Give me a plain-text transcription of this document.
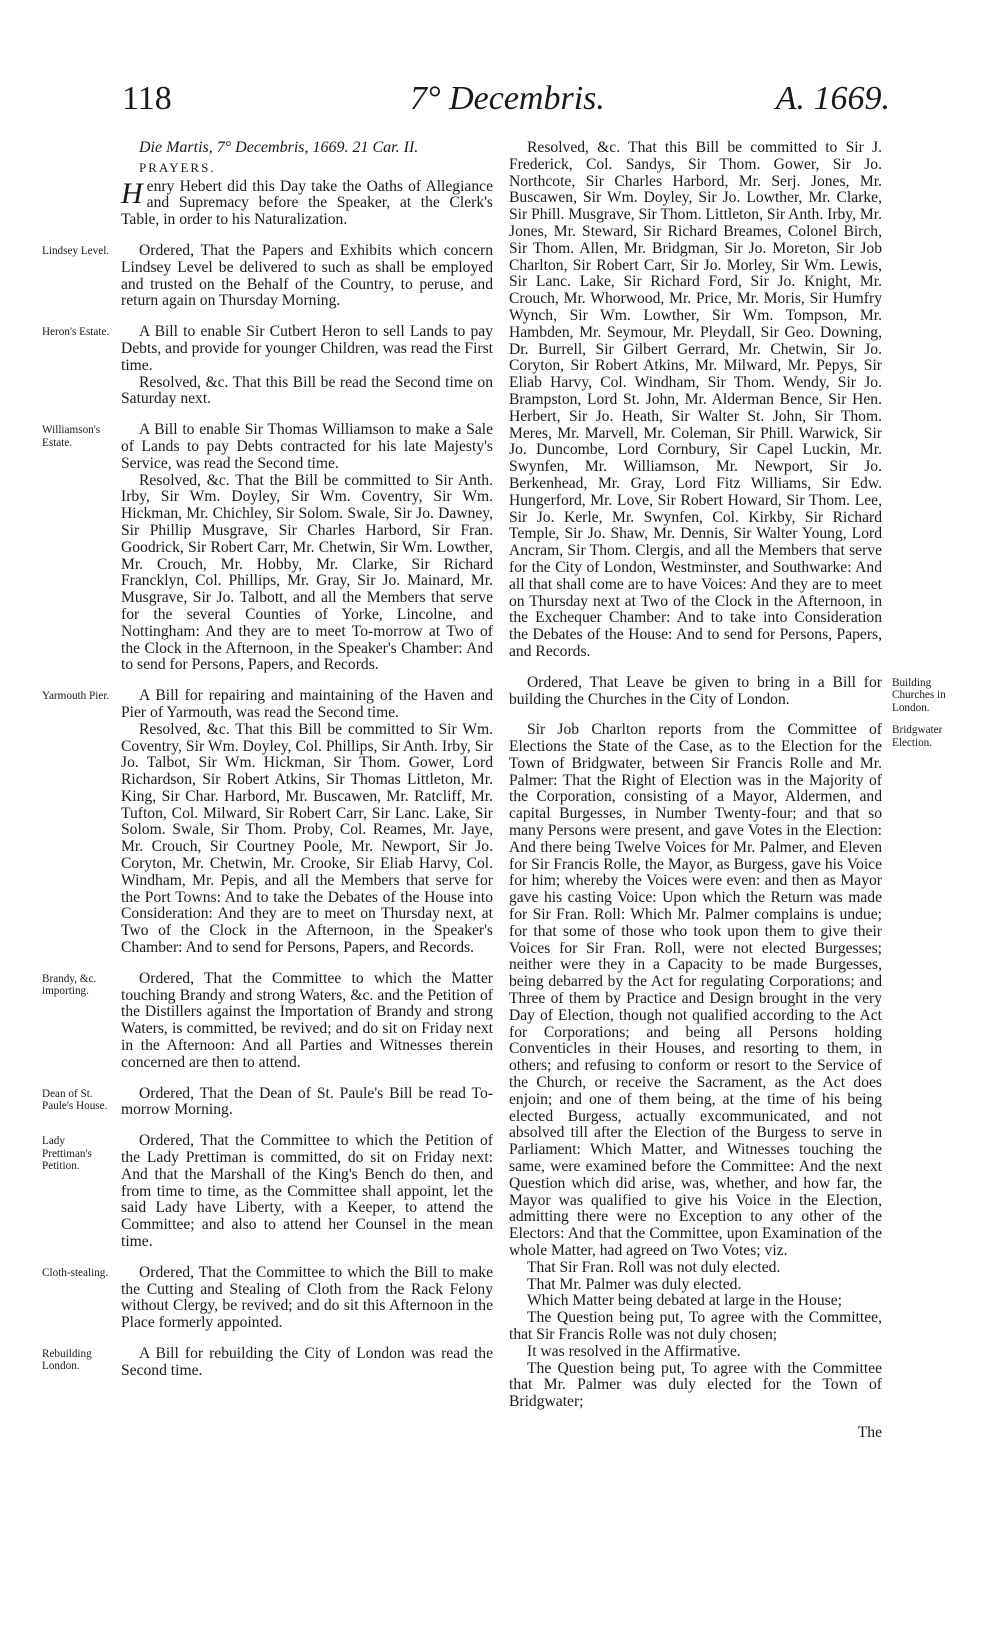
118	7° Decembris.	A. 1669.

Die Martis, 7° Decembris, 1669. 21 Car. II.

PRAYERS.

Henry Hebert did this Day take the Oaths of Allegiance and Supremacy before the Speaker, at the Clerk's Table, in order to his Naturalization.

Lindsey Level.	Ordered, That the Papers and Exhibits which concern Lindsey Level be delivered to such as shall be employed and trusted on the Behalf of the Country, to peruse, and return again on Thursday Morning.

Heron's Estate.	A Bill to enable Sir Cutbert Heron to sell Lands to pay Debts, and provide for younger Children, was read the First time.

Resolved, &c. That this Bill be read the Second time on Saturday next.

Williamson's Estate.

A Bill to enable Sir Thomas Williamson to make a Sale of Lands to pay Debts contracted for his late Majesty's Service, was read the Second time.

Resolved, &c. That the Bill be committed to Sir Anth. Irby, Sir Wm. Doyley, Sir Wm. Coventry, Sir Wm. Hickman, Mr. Chichley, Sir Solom. Swale, Sir Jo. Dawney, Sir Phillip Musgrave, Sir Charles Harbord, Sir Fran. Goodrick, Sir Robert Carr, Mr. Chetwin, Sir Wm. Lowther, Mr. Crouch, Mr. Hobby, Mr. Clarke, Sir Richard Francklyn, Col. Phillips, Mr. Gray, Sir Jo. Mainard, Mr. Musgrave, Sir Jo. Talbott, and all the Members that serve for the several Counties of Yorke, Lincolne, and Nottingham: And they are to meet To-morrow at Two of the Clock in the Afternoon, in the Speaker's Chamber: And to send for Persons, Papers, and Records.

Yarmouth Pier.	A Bill for repairing and maintaining of the Haven and Pier of Yarmouth, was read the Second time.

Resolved, &c. That this Bill be committed to Sir Wm. Coventry, Sir Wm. Doyley, Col. Phillips, Sir Anth. Irby, Sir Jo. Talbot, Sir Wm. Hickman, Sir Thom. Gower, Lord Richardson, Sir Robert Atkins, Sir Thomas Littleton, Mr. King, Sir Char. Harbord, Mr. Buscawen, Mr. Ratcliff, Mr. Tufton, Col. Milward, Sir Robert Carr, Sir Lanc. Lake, Sir Solom. Swale, Sir Thom. Proby, Col. Reames, Mr. Jaye, Mr. Crouch, Sir Courtney Poole, Mr. Newport, Sir Jo. Coryton, Mr. Chetwin, Mr. Crooke, Sir Eliab Harvy, Col. Windham, Mr. Pepis, and all the Members that serve for the Port Towns: And to take the Debates of the House into Consideration: And they are to meet on Thursday next, at Two of the Clock in the Afternoon, in the Speaker's Chamber: And to send for Persons, Papers, and Records.

Brandy, &c. importing.

Ordered, That the Committee to which the Matter touching Brandy and strong Waters, &c. and the Petition of the Distillers against the Importation of Brandy and strong Waters, is committed, be revived; and do sit on Friday next in the Afternoon: And all Parties and Witnesses therein concerned are then to attend.

Dean of St. Paule's House.

Ordered, That the Dean of St. Paule's Bill be read To-morrow Morning.

Lady Prettiman's Petition.

Ordered, That the Committee to which the Petition of the Lady Prettiman is committed, do sit on Friday next: And that the Marshall of the King's Bench do then, and from time to time, as the Committee shall appoint, let the said Lady have Liberty, with a Keeper, to attend the Committee; and also to attend her Counsel in the mean time.

Cloth-stealing.	Ordered, That the Committee to which the Bill to make the Cutting and Stealing of Cloth from the Rack Felony without Clergy, be revived; and do sit this Afternoon in the Place formerly appointed.

Rebuilding London.

A Bill for rebuilding the City of London was read the Second time.

Resolved, &c. That this Bill be committed to Sir J. Frederick, Col. Sandys, Sir Thom. Gower, Sir Jo. Northcote, Sir Charles Harbord, Mr. Serj. Jones, Mr. Buscawen, Sir Wm. Doyley, Sir Jo. Lowther, Mr. Clarke, Sir Phill. Musgrave, Sir Thom. Littleton, Sir Anth. Irby, Mr. Jones, Mr. Steward, Sir Richard Breames, Colonel Birch, Sir Thom. Allen, Mr. Bridgman, Sir Jo. Moreton, Sir Job Charlton, Sir Robert Carr, Sir Jo. Morley, Sir Wm. Lewis, Sir Lanc. Lake, Sir Richard Ford, Sir Jo. Knight, Mr. Crouch, Mr. Whorwood, Mr. Price, Mr. Moris, Sir Humfry Wynch, Sir Wm. Lowther, Sir Wm. Tompson, Mr. Hambden, Mr. Seymour, Mr. Pleydall, Sir Geo. Downing, Dr. Burrell, Sir Gilbert Gerrard, Mr. Chetwin, Sir Jo. Coryton, Sir Robert Atkins, Mr. Milward, Mr. Pepys, Sir Eliab Harvy, Col. Windham, Sir Thom. Wendy, Sir Jo. Brampston, Lord St. John, Mr. Alderman Bence, Sir Hen. Herbert, Sir Jo. Heath, Sir Walter St. John, Sir Thom. Meres, Mr. Marvell, Mr. Coleman, Sir Phill. Warwick, Sir Jo. Duncombe, Lord Cornbury, Sir Capel Luckin, Mr. Swynfen, Mr. Williamson, Mr. Newport, Sir Jo. Berkenhead, Mr. Gray, Lord Fitz Williams, Sir Edw. Hungerford, Mr. Love, Sir Robert Howard, Sir Thom. Lee, Sir Jo. Kerle, Mr. Swynfen, Col. Kirkby, Sir Richard Temple, Sir Jo. Shaw, Mr. Dennis, Sir Walter Young, Lord Ancram, Sir Thom. Clergis, and all the Members that serve for the City of London, Westminster, and Southwarke: And all that shall come are to have Voices: And they are to meet on Thursday next at Two of the Clock in the Afternoon, in the Exchequer Chamber: And to take into Consideration the Debates of the House: And to send for Persons, Papers, and Records.

Building Churches in London.

Ordered, That Leave be given to bring in a Bill for building the Churches in the City of London.

Bridgwater Election.

Sir Job Charlton reports from the Committee of Elections the State of the Case, as to the Election for the Town of Bridgwater, between Sir Francis Rolle and Mr. Palmer: That the Right of Election was in the Majority of the Corporation, consisting of a Mayor, Aldermen, and capital Burgesses, in Number Twenty-four; and that so many Persons were present, and gave Votes in the Election: And there being Twelve Voices for Mr. Palmer, and Eleven for Sir Francis Rolle, the Mayor, as Burgess, gave his Voice for him; whereby the Voices were even: and then as Mayor gave his casting Voice: Upon which the Return was made for Sir Fran. Roll: Which Mr. Palmer complains is undue; for that some of those who took upon them to give their Voices for Sir Fran. Roll, were not elected Burgesses; neither were they in a Capacity to be made Burgesses, being debarred by the Act for regulating Corporations; and Three of them by Practice and Design brought in the very Day of Election, though not qualified according to the Act for Corporations; and being all Persons holding Conventicles in their Houses, and resorting to them, in others; and refusing to conform or resort to the Service of the Church, or receive the Sacrament, as the Act does enjoin; and one of them being, at the time of his being elected Burgess, actually excommunicated, and not absolved till after the Election of the Burgess to serve in Parliament: Which Matter, and Witnesses touching the same, were examined before the Committee: And the next Question which did arise, was, whether, and how far, the Mayor was qualified to give his Voice in the Election, admitting there were no Exception to any other of the Electors: And that the Committee, upon Examination of the whole Matter, had agreed on Two Votes; viz.

That Sir Fran. Roll was not duly elected.

That Mr. Palmer was duly elected.

Which Matter being debated at large in the House;

The Question being put, To agree with the Committee, that Sir Francis Rolle was not duly chosen;

It was resolved in the Affirmative.

The Question being put, To agree with the Committee that Mr. Palmer was duly elected for the Town of Bridgwater;

The
